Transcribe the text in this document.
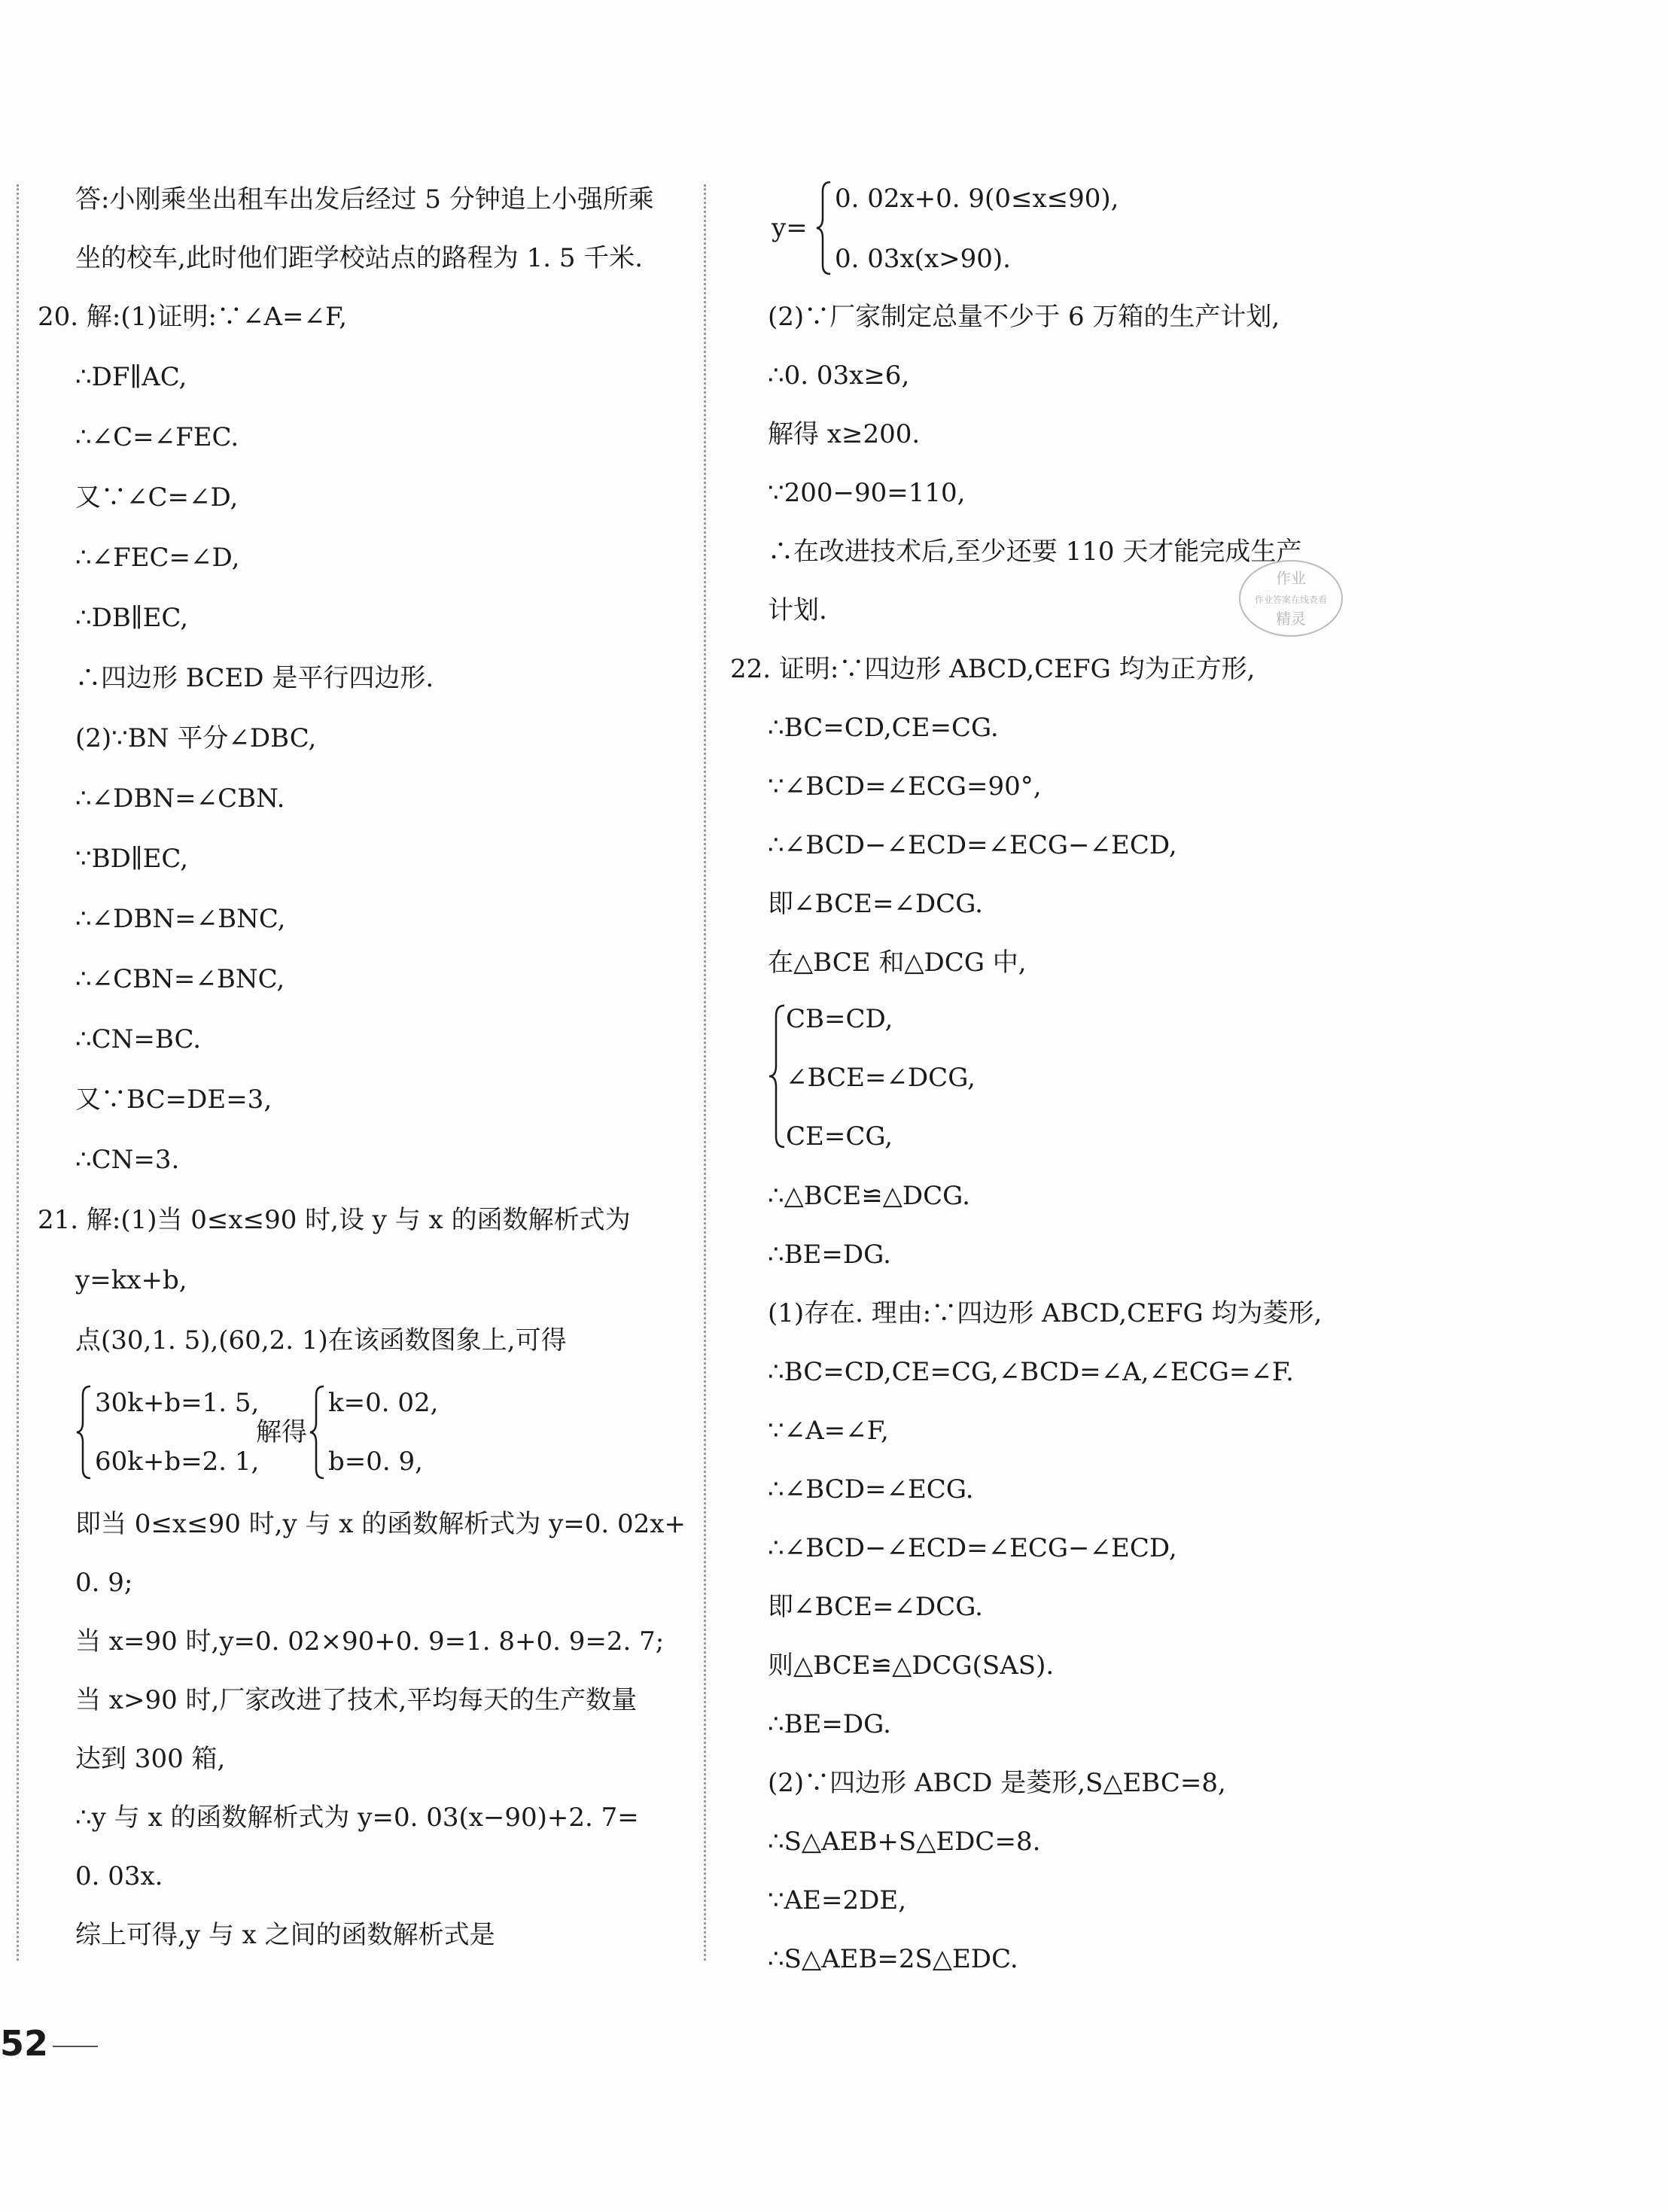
答:小刚乘坐出租车出发后经过 5 分钟追上小强所乘
坐的校车,此时他们距学校站点的路程为 1. 5 千米.
20. 解:(1)证明:∵∠A=∠F,
∴DF∥AC,
∴∠C=∠FEC.
又∵∠C=∠D,
∴∠FEC=∠D,
∴DB∥EC,
∴四边形 BCED 是平行四边形.
(2)∵BN 平分∠DBC,
∴∠DBN=∠CBN.
∵BD∥EC,
∴∠DBN=∠BNC,
∴∠CBN=∠BNC,
∴CN=BC.
又∵BC=DE=3,
∴CN=3.
21. 解:(1)当 0≤x≤90 时,设 y 与 x 的函数解析式为
y=kx+b,
点(30,1. 5),(60,2. 1)在该函数图象上,可得
30k+b=1. 5,
60k+b=2. 1,
解得
k=0. 02,
b=0. 9,
即当 0≤x≤90 时,y 与 x 的函数解析式为 y=0. 02x+
0. 9;
当 x=90 时,y=0. 02×90+0. 9=1. 8+0. 9=2. 7;
当 x>90 时,厂家改进了技术,平均每天的生产数量
达到 300 箱,
∴y 与 x 的函数解析式为 y=0. 03(x−90)+2. 7=
0. 03x.
综上可得,y 与 x 之间的函数解析式是
y=
0. 02x+0. 9(0≤x≤90),
0. 03x(x>90).
(2)∵厂家制定总量不少于 6 万箱的生产计划,
∴0. 03x≥6,
解得 x≥200.
∵200−90=110,
∴在改进技术后,至少还要 110 天才能完成生产
计划.
22. 证明:∵四边形 ABCD,CEFG 均为正方形,
∴BC=CD,CE=CG.
∵∠BCD=∠ECG=90°,
∴∠BCD−∠ECD=∠ECG−∠ECD,
即∠BCE=∠DCG.
在△BCE 和△DCG 中,
CB=CD,
∠BCE=∠DCG,
CE=CG,
∴△BCE≌△DCG.
∴BE=DG.
(1)存在. 理由:∵四边形 ABCD,CEFG 均为菱形,
∴BC=CD,CE=CG,∠BCD=∠A,∠ECG=∠F.
∵∠A=∠F,
∴∠BCD=∠ECG.
∴∠BCD−∠ECD=∠ECG−∠ECD,
即∠BCE=∠DCG.
则△BCE≌△DCG(SAS).
∴BE=DG.
(2)∵四边形 ABCD 是菱形,S△EBC=8,
∴S△AEB+S△EDC=8.
∵AE=2DE,
∴S△AEB=2S△EDC.
作业
作业答案在线查看
精灵
52
